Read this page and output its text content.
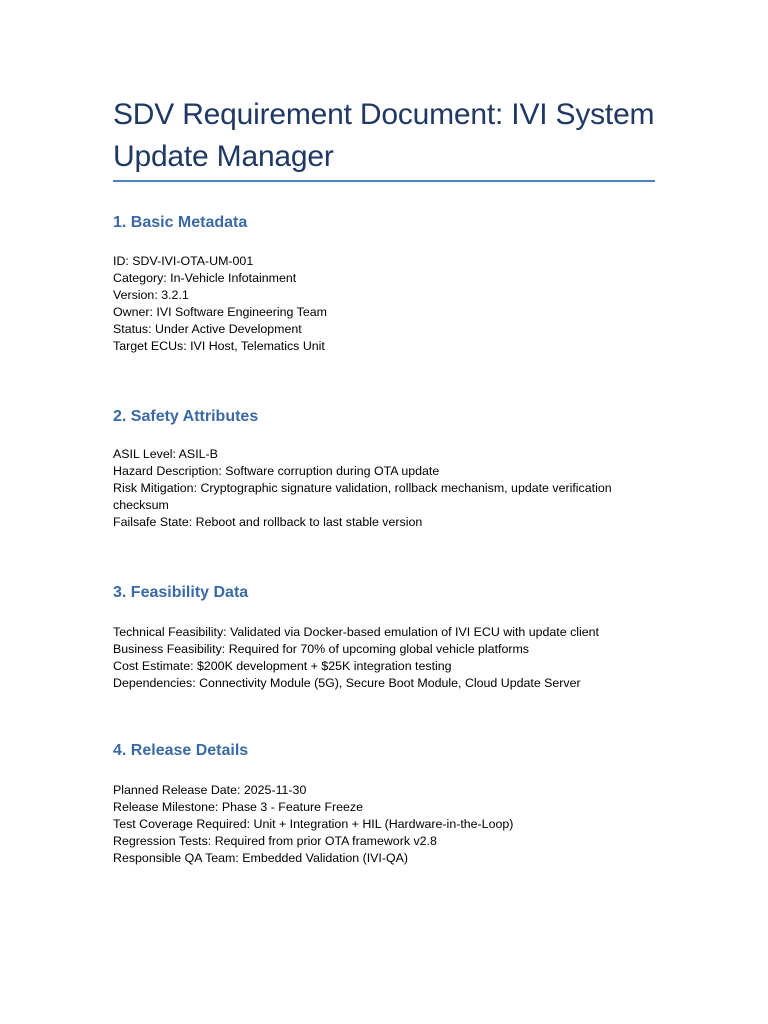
SDV Requirement Document: IVI System Update Manager
1. Basic Metadata
ID: SDV-IVI-OTA-UM-001
Category: In-Vehicle Infotainment
Version: 3.2.1
Owner: IVI Software Engineering Team
Status: Under Active Development
Target ECUs: IVI Host, Telematics Unit
2. Safety Attributes
ASIL Level: ASIL-B
Hazard Description: Software corruption during OTA update
Risk Mitigation: Cryptographic signature validation, rollback mechanism, update verification checksum
Failsafe State: Reboot and rollback to last stable version
3. Feasibility Data
Technical Feasibility: Validated via Docker-based emulation of IVI ECU with update client
Business Feasibility: Required for 70% of upcoming global vehicle platforms
Cost Estimate: $200K development + $25K integration testing
Dependencies: Connectivity Module (5G), Secure Boot Module, Cloud Update Server
4. Release Details
Planned Release Date: 2025-11-30
Release Milestone: Phase 3 - Feature Freeze
Test Coverage Required: Unit + Integration + HIL (Hardware-in-the-Loop)
Regression Tests: Required from prior OTA framework v2.8
Responsible QA Team: Embedded Validation (IVI-QA)
